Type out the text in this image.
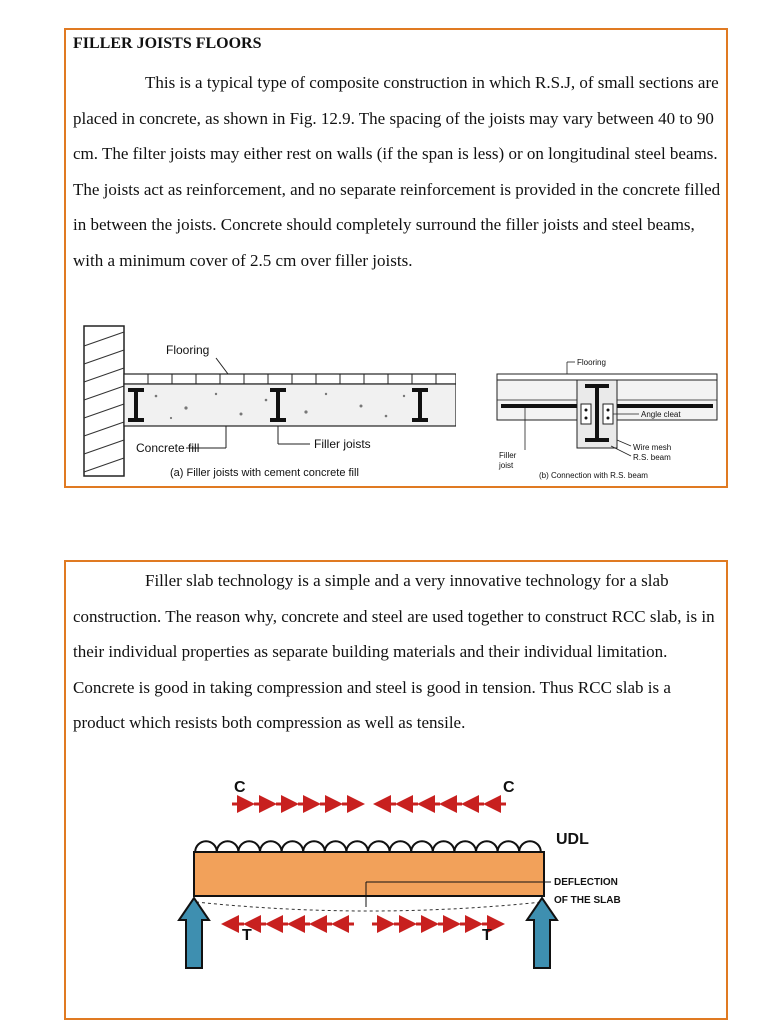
FILLER JOISTS FLOORS

This is a typical type of composite construction in which R.S.J, of small sections are placed in concrete, as shown in Fig. 12.9. The spacing of the joists may vary between 40 to 90 cm. The filter joists may either rest on walls (if the span is less) or on longitudinal steel beams. The joists act as reinforcement, and no separate reinforcement is provided in the concrete filled in between the joists. Concrete should completely surround the filler joists and steel beams, with a minimum cover of 2.5 cm over filler joists.

Flooring
Concrete fill	Filler joists
(a) Filler joists with cement concrete fill
Flooring
Angle cleat
Filler
joist
Wire mesh
R.S. beam
(b) Connection with R.S. beam

Filler slab technology is a simple and a very innovative technology for a slab construction. The reason why, concrete and steel are used together to construct RCC slab, is in their individual properties as separate building materials and their individual limitation. Concrete is good in taking compression and steel is good in tension. Thus RCC slab is a product which resists both compression as well as tensile.

C	C
UDL
DEFLECTION
OF THE SLAB
T	T
